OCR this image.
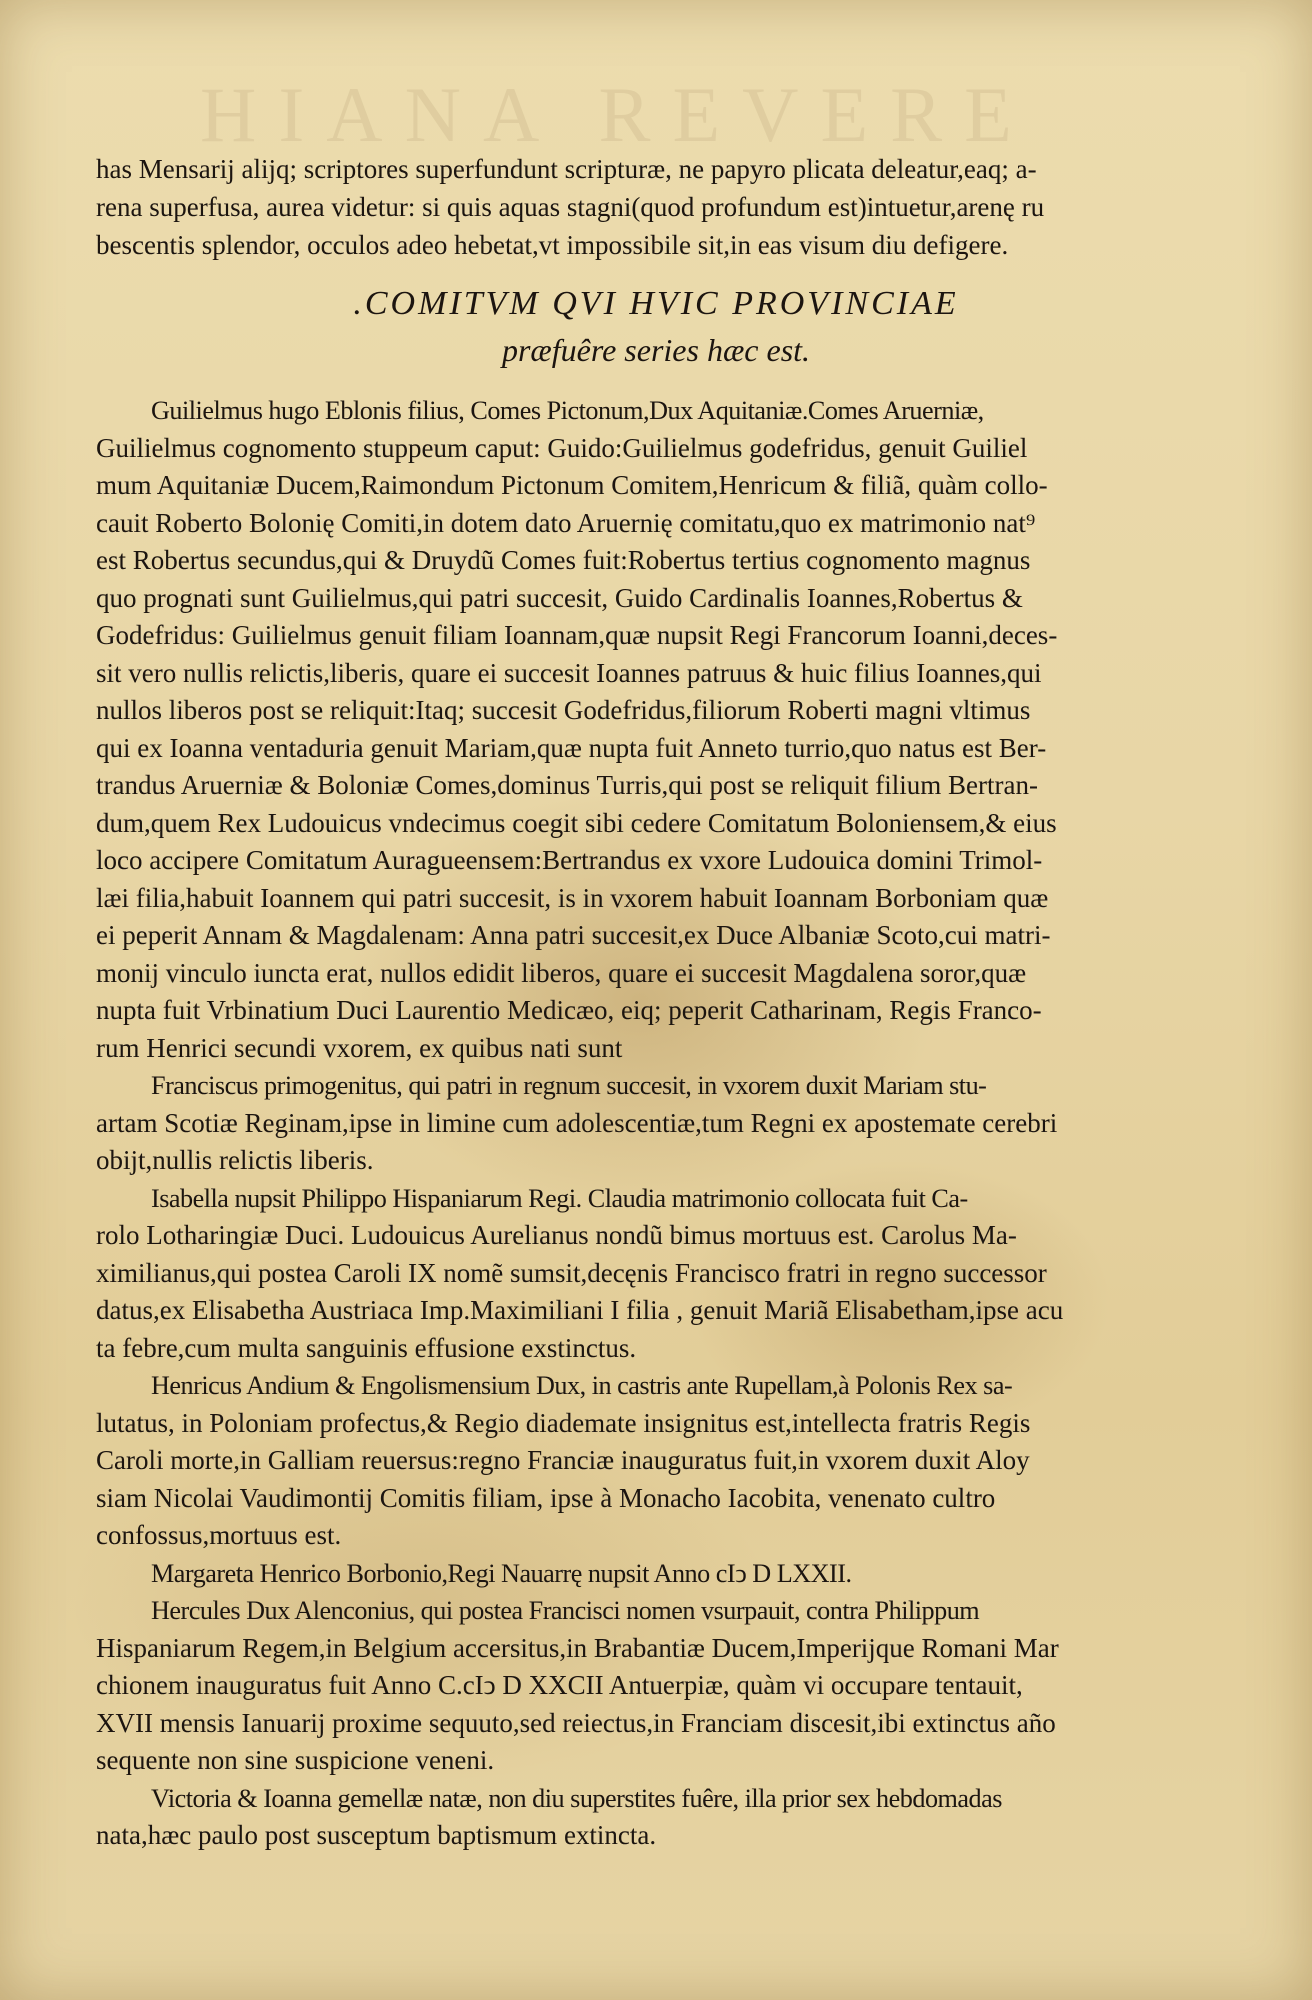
HIANA REVERE
has Mensarij alijq; scriptores superfundunt scripturæ, ne papyro plicata deleatur,eaq; a-
rena superfusa, aurea videtur: si quis aquas stagni(quod profundum est)intuetur,arenę ru
bescentis splendor, occulos adeo hebetat,vt impossibile sit,in eas visum diu defigere.
.COMITVM QVI HVIC PROVINCIAE
præfuêre series hæc est.
Guilielmus hugo Eblonis filius, Comes Pictonum,Dux Aquitaniæ.Comes Aruerniæ,
Guilielmus cognomento stuppeum caput: Guido:Guilielmus godefridus, genuit Guiliel
mum Aquitaniæ Ducem,Raimondum Pictonum Comitem,Henricum & filiã, quàm collo-
cauit Roberto Bolonię Comiti,in dotem dato Aruernię comitatu,quo ex matrimonio nat⁹
est Robertus secundus,qui & Druydũ Comes fuit:Robertus tertius cognomento magnus
quo prognati sunt Guilielmus,qui patri succesit, Guido Cardinalis Ioannes,Robertus &
Godefridus: Guilielmus genuit filiam Ioannam,quæ nupsit Regi Francorum Ioanni,deces-
sit vero nullis relictis,liberis, quare ei succesit Ioannes patruus & huic filius Ioannes,qui
nullos liberos post se reliquit:Itaq; succesit Godefridus,filiorum Roberti magni vltimus
qui ex Ioanna ventaduria genuit Mariam,quæ nupta fuit Anneto turrio,quo natus est Ber-
trandus Aruerniæ & Boloniæ Comes,dominus Turris,qui post se reliquit filium Bertran-
dum,quem Rex Ludouicus vndecimus coegit sibi cedere Comitatum Boloniensem,& eius
loco accipere Comitatum Auragueensem:Bertrandus ex vxore Ludouica domini Trimol-
læi filia,habuit Ioannem qui patri succesit, is in vxorem habuit Ioannam Borboniam quæ
ei peperit Annam & Magdalenam: Anna patri succesit,ex Duce Albaniæ Scoto,cui matri-
monij vinculo iuncta erat, nullos edidit liberos, quare ei succesit Magdalena soror,quæ
nupta fuit Vrbinatium Duci Laurentio Medicæo, eiq; peperit Catharinam, Regis Franco-
rum Henrici secundi vxorem, ex quibus nati sunt
Franciscus primogenitus, qui patri in regnum succesit, in vxorem duxit Mariam stu-
artam Scotiæ Reginam,ipse in limine cum adolescentiæ,tum Regni ex apostemate cerebri
obijt,nullis relictis liberis.
Isabella nupsit Philippo Hispaniarum Regi. Claudia matrimonio collocata fuit Ca-
rolo Lotharingiæ Duci. Ludouicus Aurelianus nondũ bimus mortuus est. Carolus Ma-
ximilianus,qui postea Caroli IX nomẽ sumsit,decęnis Francisco fratri in regno successor
datus,ex Elisabetha Austriaca Imp.Maximiliani I filia , genuit Mariã Elisabetham,ipse acu
ta febre,cum multa sanguinis effusione exstinctus.
Henricus Andium & Engolismensium Dux, in castris ante Rupellam,à Polonis Rex sa-
lutatus, in Poloniam profectus,& Regio diademate insignitus est,intellecta fratris Regis
Caroli morte,in Galliam reuersus:regno Franciæ inauguratus fuit,in vxorem duxit Aloy
siam Nicolai Vaudimontij Comitis filiam, ipse à Monacho Iacobita, venenato cultro
confossus,mortuus est.
Margareta Henrico Borbonio,Regi Nauarrę nupsit Anno cIↄ D LXXII.
Hercules Dux Alenconius, qui postea Francisci nomen vsurpauit, contra Philippum
Hispaniarum Regem,in Belgium accersitus,in Brabantiæ Ducem,Imperijque Romani Mar
chionem inauguratus fuit Anno C.cIↄ D XXCII Antuerpiæ, quàm vi occupare tentauit,
XVII mensis Ianuarij proxime sequuto,sed reiectus,in Franciam discesit,ibi extinctus año
sequente non sine suspicione veneni.
Victoria & Ioanna gemellæ natæ, non diu superstites fuêre, illa prior sex hebdomadas
nata,hæc paulo post susceptum baptismum extincta.
